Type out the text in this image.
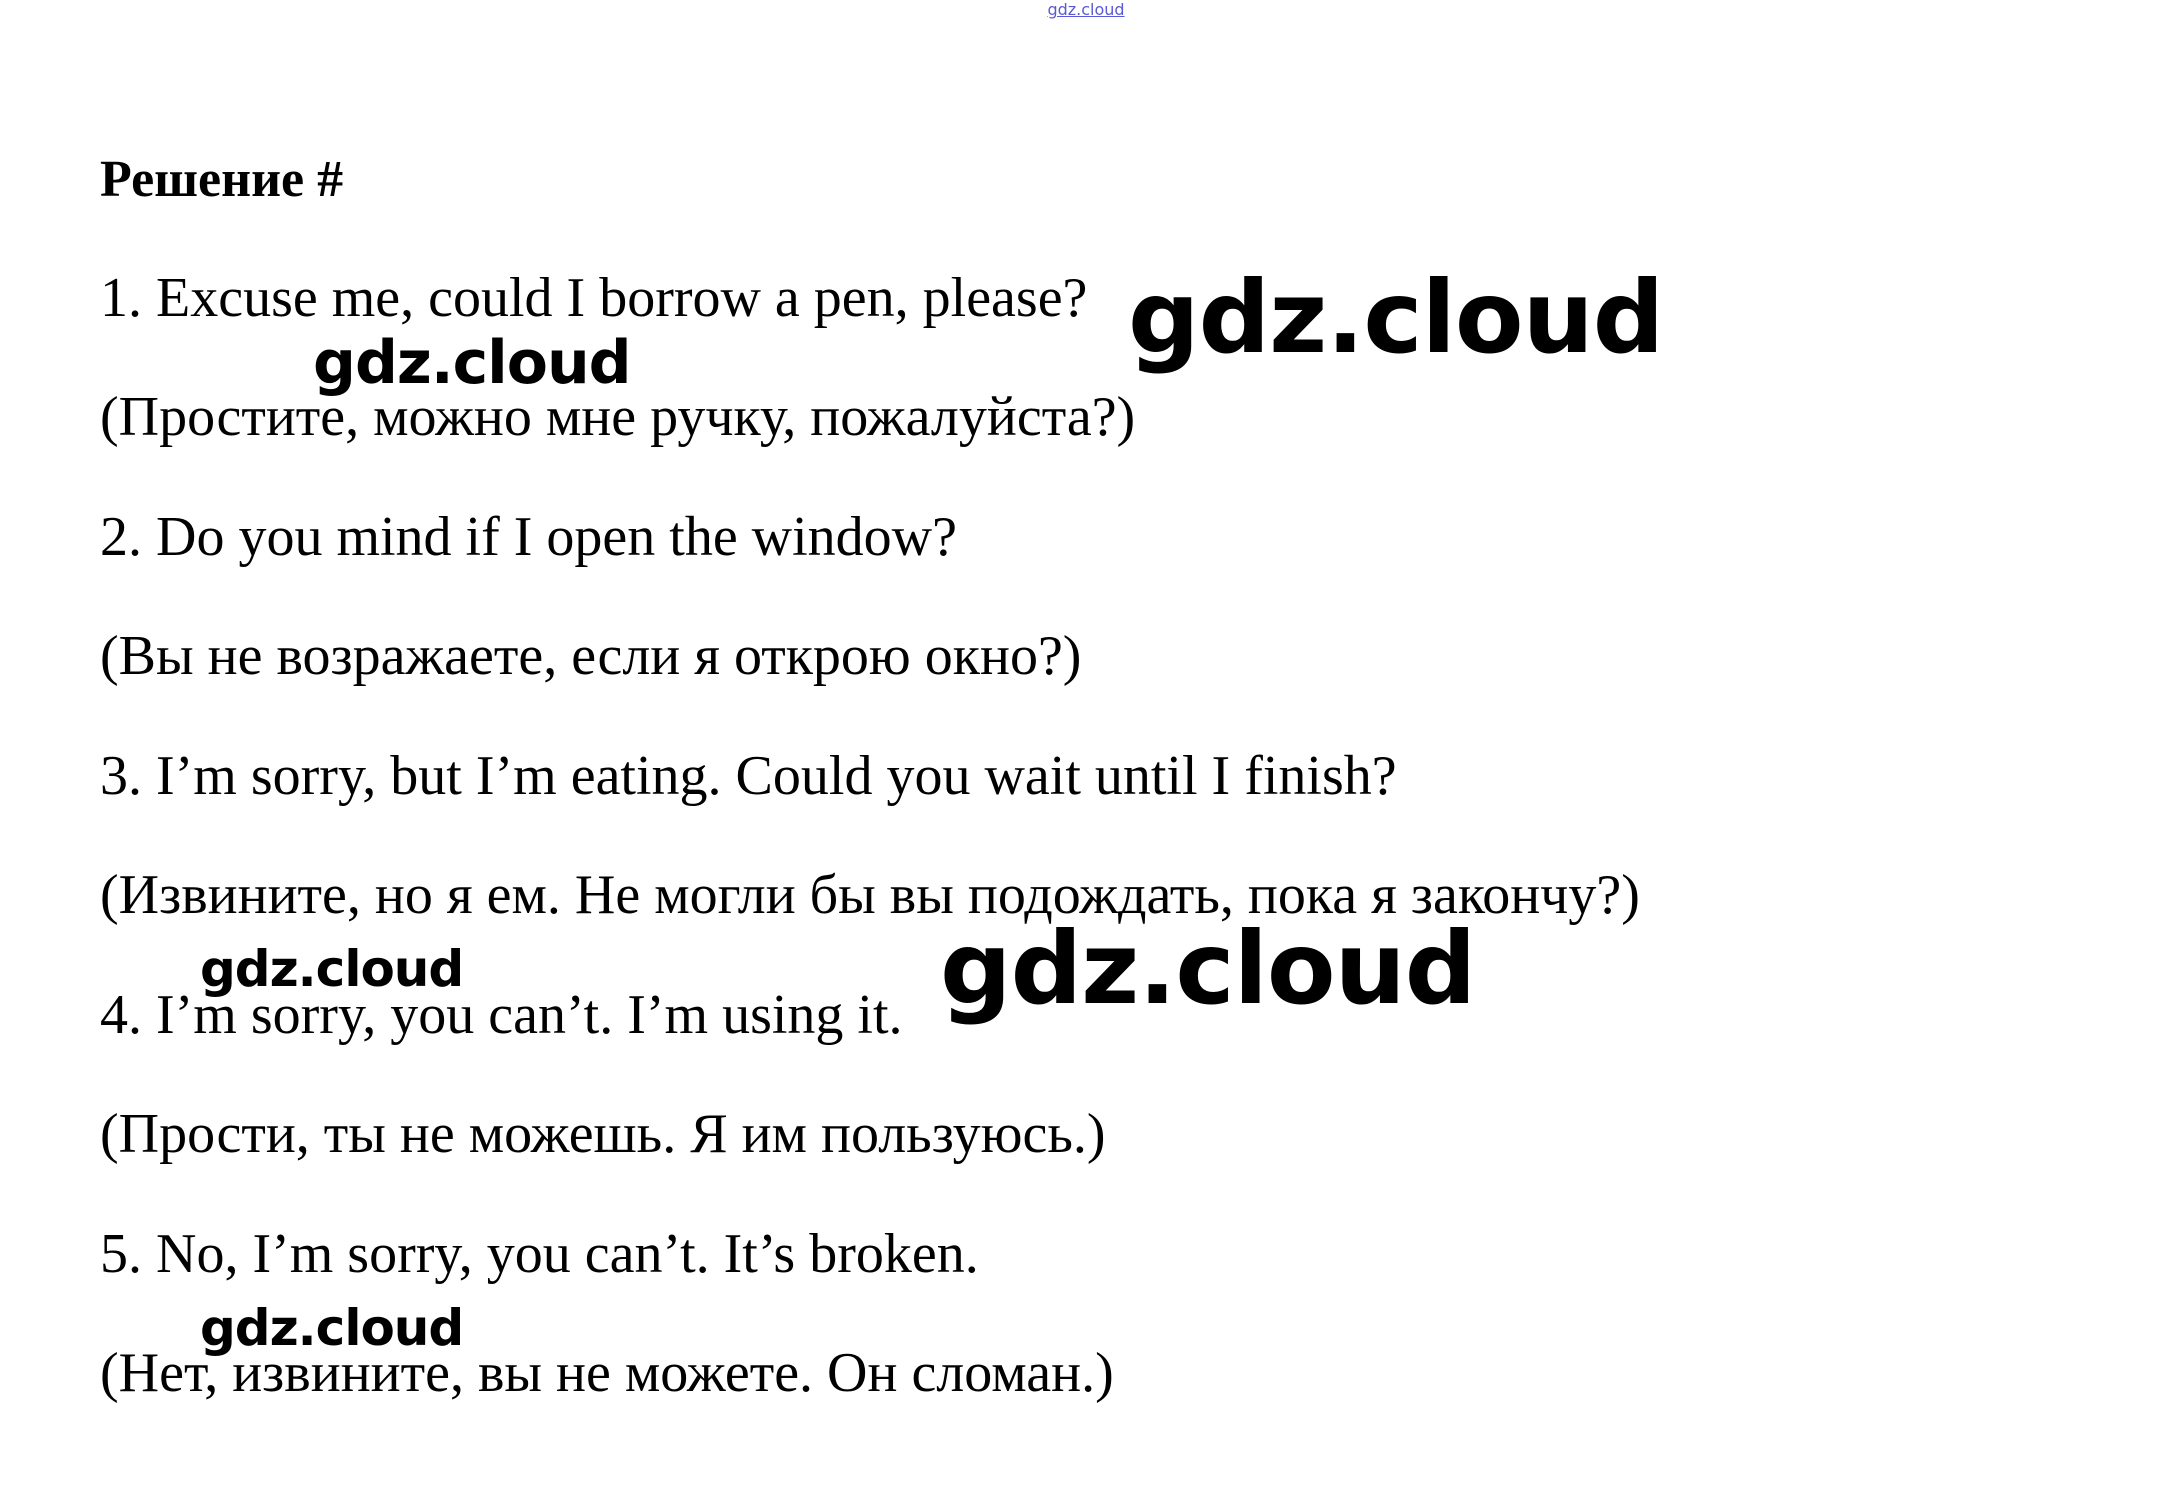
gdz.cloud
Решение #
1. Excuse me, could I borrow a pen, please?
(Простите, можно мне ручку, пожалуйста?)
2. Do you mind if I open the window?
(Вы не возражаете, если я открою окно?)
3. I’m sorry, but I’m eating. Could you wait until I finish?
(Извините, но я ем. Не могли бы вы подождать, пока я закончу?)
4. I’m sorry, you can’t. I’m using it.
(Прости, ты не можешь. Я им пользуюсь.)
5. No, I’m sorry, you can’t. It’s broken.
(Нет, извините, вы не можете. Он сломан.)
gdz.cloud
gdz.cloud
gdz.cloud
gdz.cloud
gdz.cloud
